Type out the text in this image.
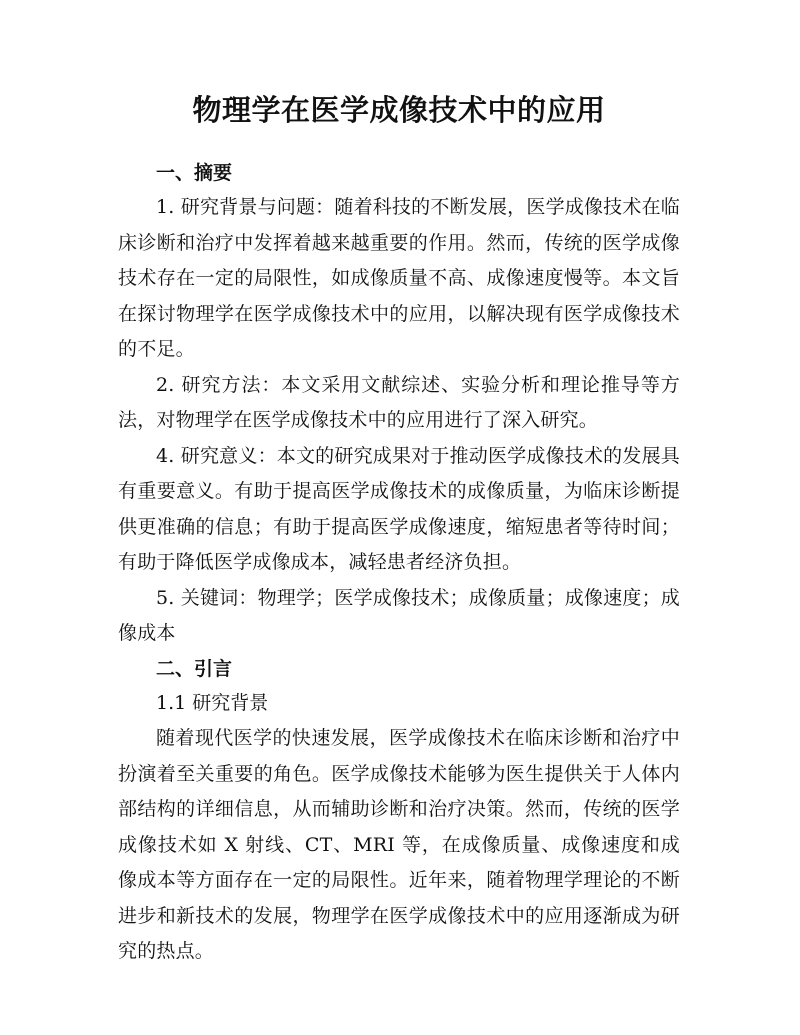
物理学在医学成像技术中的应用
一、摘要

1. 研究背景与问题：随着科技的不断发展，医学成像技术在临床诊断和治疗中发挥着越来越重要的作用。然而，传统的医学成像技术存在一定的局限性，如成像质量不高、成像速度慢等。本文旨在探讨物理学在医学成像技术中的应用，以解决现有医学成像技术的不足。

2. 研究方法：本文采用文献综述、实验分析和理论推导等方法，对物理学在医学成像技术中的应用进行了深入研究。

4. 研究意义：本文的研究成果对于推动医学成像技术的发展具有重要意义。有助于提高医学成像技术的成像质量，为临床诊断提供更准确的信息；有助于提高医学成像速度，缩短患者等待时间；有助于降低医学成像成本，减轻患者经济负担。

5. 关键词：物理学；医学成像技术；成像质量；成像速度；成像成本

二、引言

1.1 研究背景

随着现代医学的快速发展，医学成像技术在临床诊断和治疗中扮演着至关重要的角色。医学成像技术能够为医生提供关于人体内部结构的详细信息，从而辅助诊断和治疗决策。然而，传统的医学成像技术如 X 射线、CT、MRI 等，在成像质量、成像速度和成像成本等方面存在一定的局限性。近年来，随着物理学理论的不断进步和新技术的发展，物理学在医学成像技术中的应用逐渐成为研究的热点。
